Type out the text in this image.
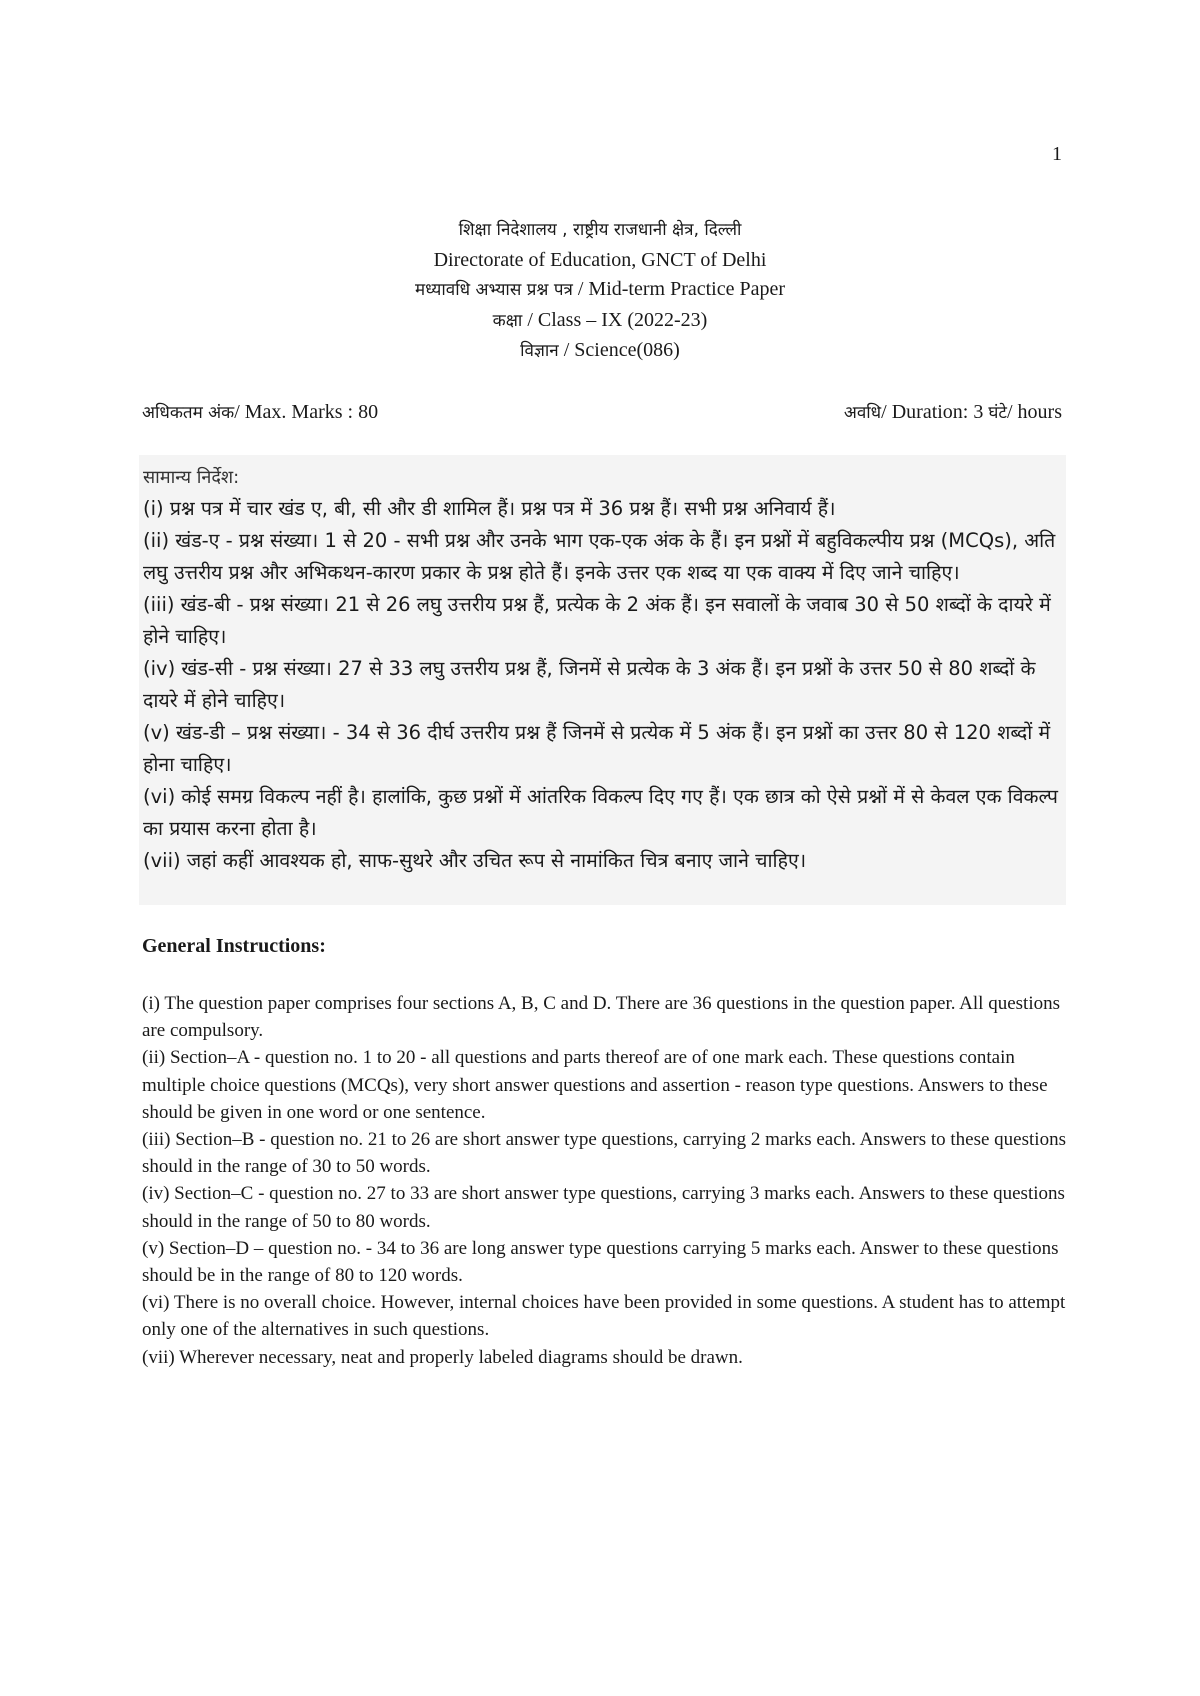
1
शिक्षा निदेशालय , राष्ट्रीय राजधानी क्षेत्र, दिल्ली
Directorate of Education, GNCT of Delhi
मध्यावधि अभ्यास प्रश्न पत्र / Mid-term Practice Paper
कक्षा / Class – IX (2022-23)
विज्ञान / Science(086)
अधिकतम अंक/ Max. Marks : 80	अवधि/ Duration: 3 घंटे/ hours
सामान्य निर्देश:

(i) प्रश्न पत्र में चार खंड ए, बी, सी और डी शामिल हैं। प्रश्न पत्र में 36 प्रश्न हैं। सभी प्रश्न अनिवार्य हैं।

(ii) खंड-ए - प्रश्न संख्या। 1 से 20 - सभी प्रश्न और उनके भाग एक-एक अंक के हैं। इन प्रश्नों में बहुविकल्पीय प्रश्न (MCQs), अति लघु उत्तरीय प्रश्न और अभिकथन-कारण प्रकार के प्रश्न होते हैं। इनके उत्तर एक शब्द या एक वाक्य में दिए जाने चाहिए।

(iii) खंड-बी - प्रश्न संख्या। 21 से 26 लघु उत्तरीय प्रश्न हैं, प्रत्येक के 2 अंक हैं। इन सवालों के जवाब 30 से 50 शब्दों के दायरे में होने चाहिए।

(iv) खंड-सी - प्रश्न संख्या। 27 से 33 लघु उत्तरीय प्रश्न हैं, जिनमें से प्रत्येक के 3 अंक हैं। इन प्रश्नों के उत्तर 50 से 80 शब्दों के दायरे में होने चाहिए।

(v) खंड-डी – प्रश्न संख्या। - 34 से 36 दीर्घ उत्तरीय प्रश्न हैं जिनमें से प्रत्येक में 5 अंक हैं। इन प्रश्नों का उत्तर 80 से 120 शब्दों में होना चाहिए।

(vi) कोई समग्र विकल्प नहीं है। हालांकि, कुछ प्रश्नों में आंतरिक विकल्प दिए गए हैं। एक छात्र को ऐसे प्रश्नों में से केवल एक विकल्प का प्रयास करना होता है।

(vii) जहां कहीं आवश्यक हो, साफ-सुथरे और उचित रूप से नामांकित चित्र बनाए जाने चाहिए।

General Instructions:

(i) The question paper comprises four sections A, B, C and D. There are 36 questions in the question paper. All questions are compulsory.

(ii) Section–A - question no. 1 to 20 - all questions and parts thereof are of one mark each. These questions contain multiple choice questions (MCQs), very short answer questions and assertion - reason type questions. Answers to these should be given in one word or one sentence.

(iii) Section–B - question no. 21 to 26 are short answer type questions, carrying 2 marks each. Answers to these questions should in the range of 30 to 50 words.

(iv) Section–C - question no. 27 to 33 are short answer type questions, carrying 3 marks each. Answers to these questions should in the range of 50 to 80 words.

(v) Section–D – question no. - 34 to 36 are long answer type questions carrying 5 marks each. Answer to these questions should be in the range of 80 to 120 words.

(vi) There is no overall choice. However, internal choices have been provided in some questions. A student has to attempt only one of the alternatives in such questions.

(vii) Wherever necessary, neat and properly labeled diagrams should be drawn.
